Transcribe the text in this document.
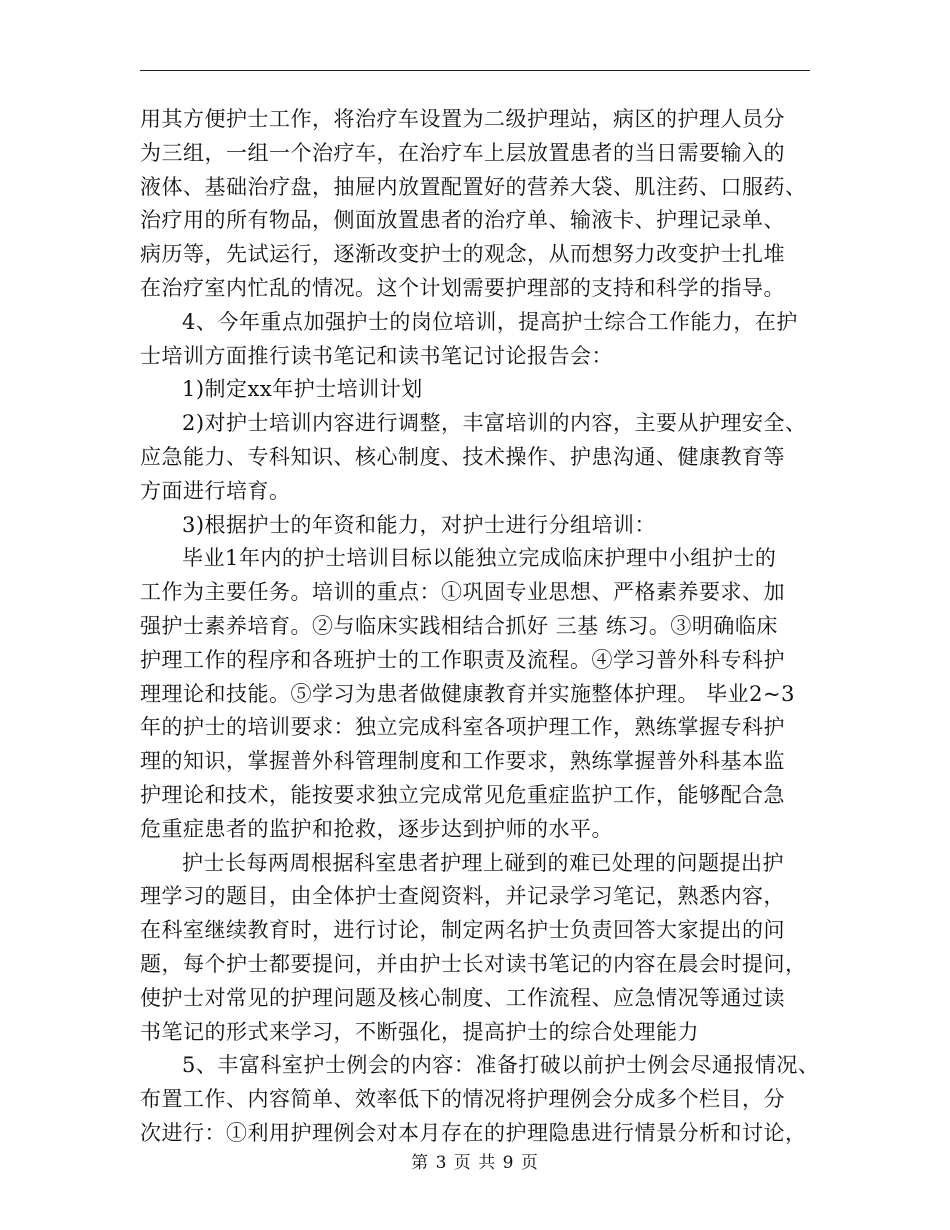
用其方便护士工作，将治疗车设置为二级护理站，病区的护理人员分
为三组，一组一个治疗车，在治疗车上层放置患者的当日需要输入的
液体、基础治疗盘，抽屉内放置配置好的营养大袋、肌注药、口服药、
治疗用的所有物品，侧面放置患者的治疗单、输液卡、护理记录单、
病历等，先试运行，逐渐改变护士的观念，从而想努力改变护士扎堆
在治疗室内忙乱的情况。这个计划需要护理部的支持和科学的指导。
4、今年重点加强护士的岗位培训，提高护士综合工作能力，在护
士培训方面推行读书笔记和读书笔记讨论报告会：
1)制定xx年护士培训计划
2)对护士培训内容进行调整，丰富培训的内容，主要从护理安全、
应急能力、专科知识、核心制度、技术操作、护患沟通、健康教育等
方面进行培育。
3)根据护士的年资和能力，对护士进行分组培训：
毕业1年内的护士培训目标以能独立完成临床护理中小组护士的
工作为主要任务。培训的重点：①巩固专业思想、严格素养要求、加
强护士素养培育。②与临床实践相结合抓好 三基 练习。③明确临床
护理工作的程序和各班护士的工作职责及流程。④学习普外科专科护
理理论和技能。⑤学习为患者做健康教育并实施整体护理。 毕业2~3
年的护士的培训要求：独立完成科室各项护理工作，熟练掌握专科护
理的知识，掌握普外科管理制度和工作要求，熟练掌握普外科基本监
护理论和技术，能按要求独立完成常见危重症监护工作，能够配合急
危重症患者的监护和抢救，逐步达到护师的水平。
护士长每两周根据科室患者护理上碰到的难已处理的问题提出护
理学习的题目，由全体护士查阅资料，并记录学习笔记，熟悉内容，
在科室继续教育时，进行讨论，制定两名护士负责回答大家提出的问
题，每个护士都要提问，并由护士长对读书笔记的内容在晨会时提问，
使护士对常见的护理问题及核心制度、工作流程、应急情况等通过读
书笔记的形式来学习，不断强化，提高护士的综合处理能力
5、丰富科室护士例会的内容：准备打破以前护士例会尽通报情况、
布置工作、内容简单、效率低下的情况将护理例会分成多个栏目，分
次进行：①利用护理例会对本月存在的护理隐患进行情景分析和讨论，
第 3 页 共 9 页
